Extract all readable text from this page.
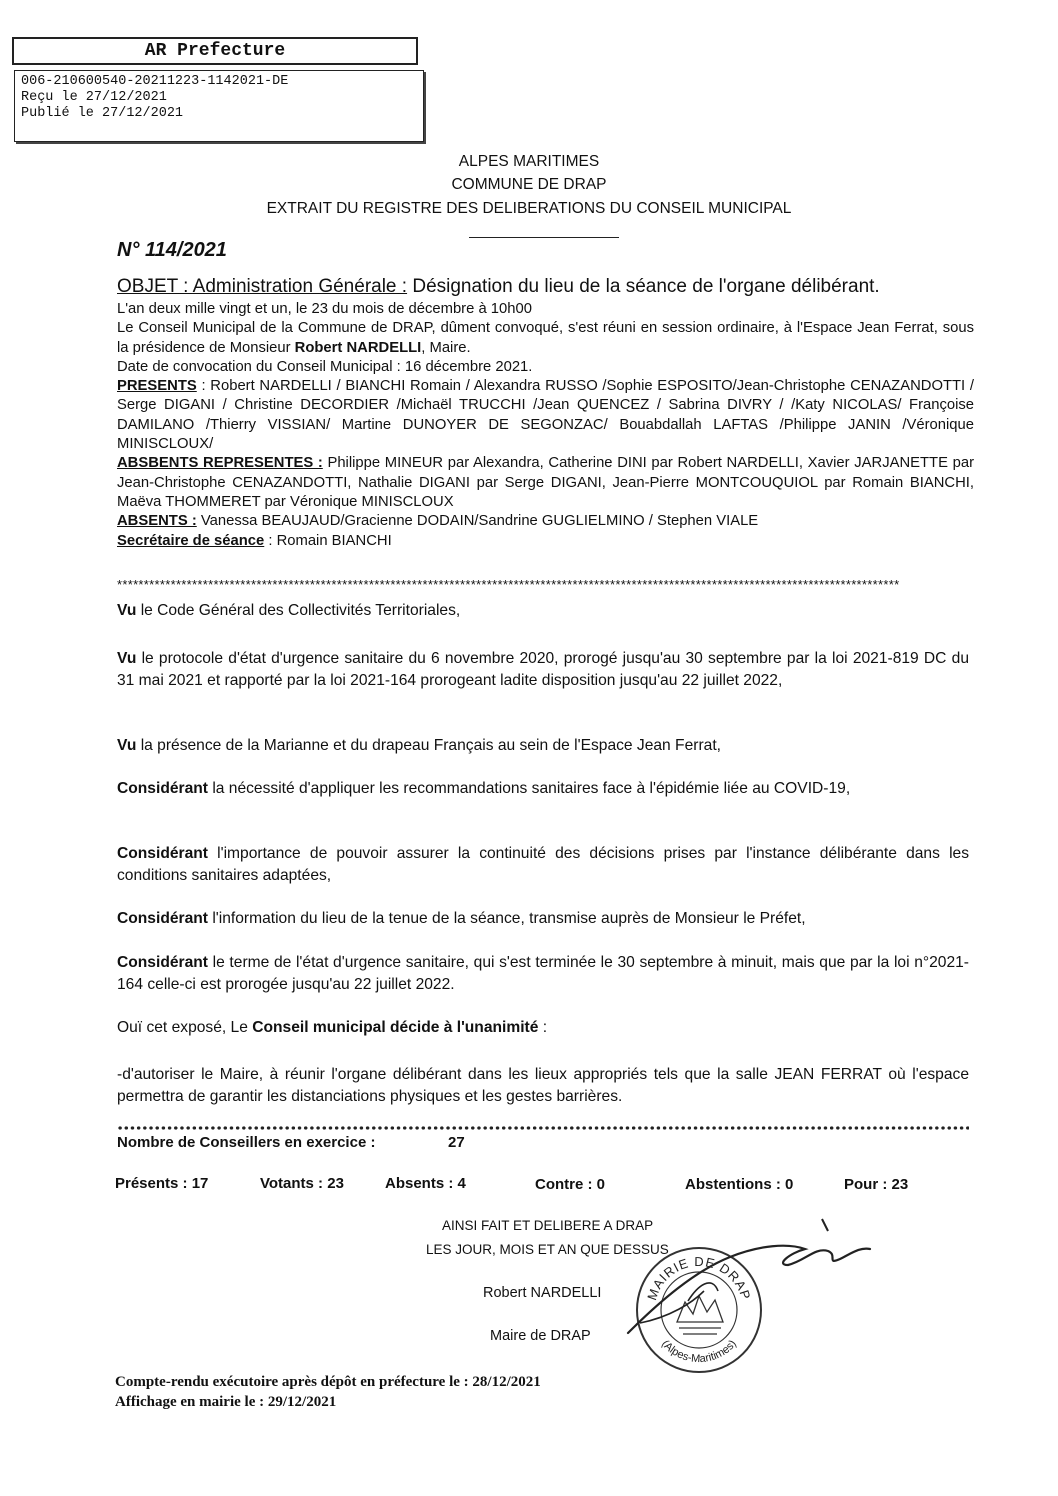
AR Prefecture
006-210600540-20211223-1142021-DE
Reçu le 27/12/2021
Publié le 27/12/2021
ALPES MARITIMES
COMMUNE DE DRAP
EXTRAIT DU REGISTRE DES DELIBERATIONS DU CONSEIL MUNICIPAL
N° 114/2021
OBJET : Administration Générale : Désignation du lieu de la séance de l'organe délibérant.
L'an deux mille vingt et un, le 23 du mois de décembre à 10h00
Le Conseil Municipal de la Commune de DRAP, dûment convoqué, s'est réuni en session ordinaire, à l'Espace Jean Ferrat, sous la présidence de Monsieur Robert NARDELLI, Maire.
Date de convocation du Conseil Municipal : 16 décembre 2021.
PRESENTS : Robert NARDELLI / BIANCHI Romain / Alexandra RUSSO /Sophie ESPOSITO/Jean-Christophe CENAZANDOTTI / Serge DIGANI / Christine DECORDIER /Michaël TRUCCHI /Jean QUENCEZ / Sabrina DIVRY / /Katy NICOLAS/ Françoise DAMILANO /Thierry VISSIAN/ Martine DUNOYER DE SEGONZAC/ Bouabdallah LAFTAS /Philippe JANIN /Véronique MINISCLOUX/
ABSBENTS REPRESENTES : Philippe MINEUR par Alexandra, Catherine DINI par Robert NARDELLI, Xavier JARJANETTE par Jean-Christophe CENAZANDOTTI, Nathalie DIGANI par Serge DIGANI, Jean-Pierre MONTCOUQUIOL par Romain BIANCHI, Maëva THOMMERET par Véronique MINISCLOUX
ABSENTS : Vanessa BEAUJAUD/Gracienne DODAIN/Sandrine GUGLIELMINO / Stephen VIALE
Secrétaire de séance : Romain BIANCHI
**************************************************************************************************************************************************
Vu le Code Général des Collectivités Territoriales,
Vu le protocole d'état d'urgence sanitaire du 6 novembre 2020, prorogé jusqu'au 30 septembre par la loi 2021-819 DC du 31 mai 2021 et rapporté par la loi 2021-164 prorogeant ladite disposition jusqu'au 22 juillet 2022,
Vu la présence de la Marianne et du drapeau Français au sein de l'Espace Jean Ferrat,
Considérant la nécessité d'appliquer les recommandations sanitaires face à l'épidémie liée au COVID-19,
Considérant l'importance de pouvoir assurer la continuité des décisions prises par l'instance délibérante dans les conditions sanitaires adaptées,
Considérant l'information du lieu de la tenue de la séance, transmise auprès de Monsieur le Préfet,
Considérant le terme de l'état d'urgence sanitaire, qui s'est terminée le 30 septembre à minuit, mais que par la loi n°2021-164 celle-ci est prorogée jusqu'au 22 juillet 2022.
Ouï cet exposé, Le Conseil municipal décide à l'unanimité :
-d'autoriser le Maire, à réunir l'organe délibérant dans les lieux appropriés tels que la salle JEAN FERRAT où l'espace permettra de garantir les distanciations physiques et les gestes barrières.
Nombre de Conseillers en exercice :	27
Présents : 17	Votants : 23	Absents : 4	Contre : 0	Abstentions : 0	Pour : 23
AINSI FAIT ET DELIBERE A DRAP
LES JOUR, MOIS ET AN QUE DESSUS
Robert NARDELLI
Maire de DRAP
MAIRIE DE DRAP
(Alpes-Maritimes)
Compte-rendu exécutoire après dépôt en préfecture le : 28/12/2021
Affichage en mairie le : 29/12/2021
